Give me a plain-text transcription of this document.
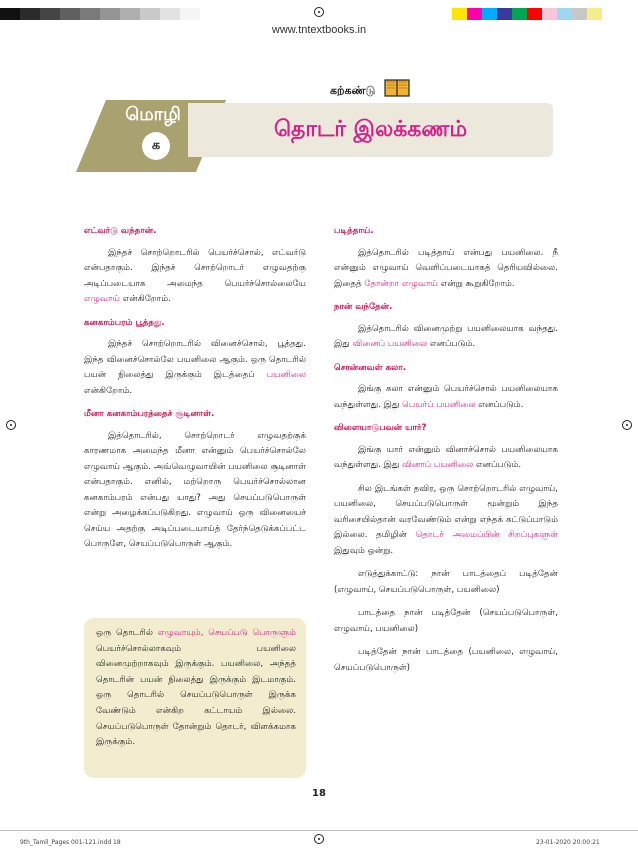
www.tntextbooks.in
மொழி
க
கற்கண்டு
தொடர் இலக்கணம்
எட்வர்டு வந்தான்.

இந்தச் சொற்றொடரில் பெயர்ச்சொல், எட்வர்டு என்பதாகும். இந்தச் சொற்றொடர் எழுவதற்கு அடிப்படையாக அமைந்த பெயர்ச்சொல்லையே எழுவாய் என்கிறோம்.

கனகாம்பரம் பூத்தது.

இந்தச் சொற்றொடரில் வினைச்சொல், பூத்தது. இந்த வினைச்சொல்லே பயனிலை ஆகும். ஒரு தொடரில் பயன் நிலைத்து இருக்கும் இடத்தைப் பயனிலை என்கிறோம்.

மீனா கனகாம்பரத்தைச் சூடினாள்.

இத்தொடரில், சொற்றொடர் எழுவதற்குக் காரணமாக அமைந்த மீனா என்னும் பெயர்ச்சொல்லே எழுவாய் ஆகும். அவ்வெழுவாயின் பயனிலை சூடினாள் என்பதாகும். எனில், மற்றொரு பெயர்ச்சொல்லான கனகாம்பரம் என்பது யாது? அது செயப்படுபொருள் என்று அழைக்கப்படுகிறது. எழுவாய் ஒரு வினையைச் செய்ய அதற்கு அடிப்படையாய்த் தேர்ந்தெடுக்கப்பட்ட பொருளே, செயப்படுபொருள் ஆகும்.

ஒரு தொடரில் எழுவாயும், செயப்படு பொருளும் பெயர்ச்சொல்லாகவும் பயனிலை வினைமுற்றாகவும் இருக்கும். பயனிலை, அந்தத் தொடரின் பயன் நிலைத்து இருக்கும் இடமாகும். ஒரு தொடரில் செயப்படுபொருள் இருக்க வேண்டும் என்கிற கட்டாயம் இல்லை. செயப்படுபொருள் தோன்றும் தொடர், விளக்கமாக இருக்கும்.
படித்தாய்.

இத்தொடரில் படித்தாய் என்பது பயனிலை. நீ என்னும் எழுவாய் வெளிப்படையாகத் தெரியவில்லை. இதைத் தோன்றா எழுவாய் என்று கூறுகிறோம்.

நான் வந்தேன்.

இத்தொடரில் வினைமுற்று பயனிலையாக வந்தது. இது வினைப் பயனிலை எனப்படும்.

சொன்னவள் கலா.

இங்கு கலா என்னும் பெயர்ச்சொல் பயனிலையாக வந்துள்ளது. இது பெயர்ப் பயனிலை எனப்படும்.

விளையாடுபவன் யார்?

இங்கு யார் என்னும் வினாச்சொல் பயனிலையாக வந்துள்ளது. இது வினாப் பயனிலை எனப்படும்.

சில இடங்கள் தவிர, ஒரு சொற்றொடரில் எழுவாய், பயனிலை, செயப்படுபொருள் மூன்றும் இந்த வரிசையில்தான் வரவேண்டும் என்று எந்தக் கட்டுப்பாடும் இல்லை. தமிழின் தொடர் அமைப்பின் சிறப்புகளுள் இதுவும் ஒன்று.

எடுத்துக்காட்டு: நான் பாடத்தைப் படித்தேன் (எழுவாய், செயப்படுபொருள், பயனிலை)

பாடத்தை நான் படித்தேன் (செயப்படுபொருள், எழுவாய், பயனிலை)

படித்தேன் நான் பாடத்தை (பயனிலை, எழுவாய், செயப்படுபொருள்)

18
9th_Tamil_Pages 001-121.indd 18	23-01-2020 20:00:21
